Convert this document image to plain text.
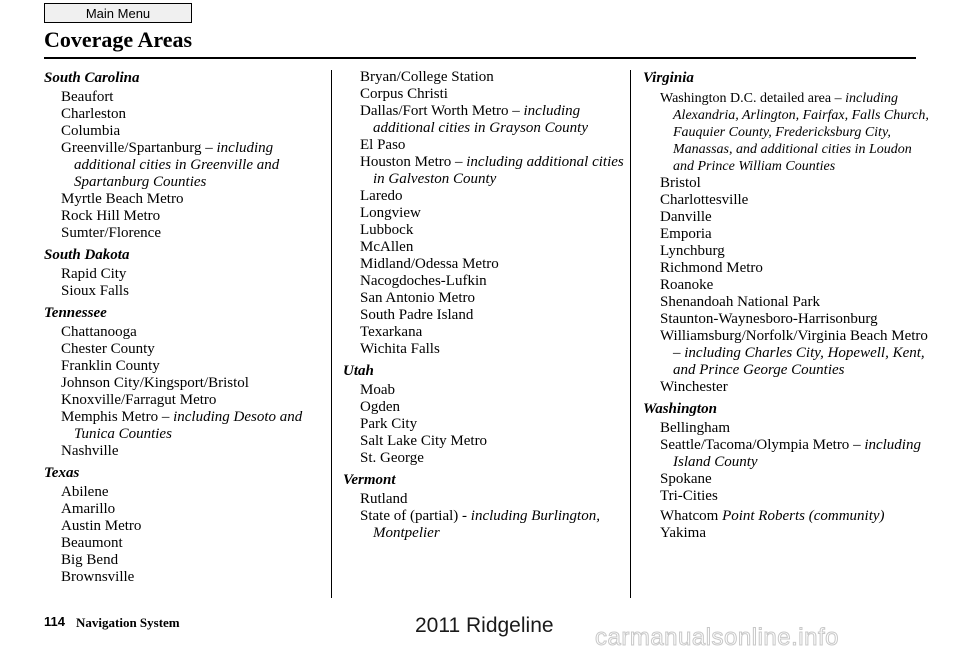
Main Menu
Coverage Areas
South Carolina
Beaufort
Charleston
Columbia
Greenville/Spartanburg – including additional cities in Greenville and Spartanburg Counties
Myrtle Beach Metro
Rock Hill Metro
Sumter/Florence
South Dakota
Rapid City
Sioux Falls
Tennessee
Chattanooga
Chester County
Franklin County
Johnson City/Kingsport/Bristol
Knoxville/Farragut Metro
Memphis Metro – including Desoto and Tunica Counties
Nashville
Texas
Abilene
Amarillo
Austin Metro
Beaumont
Big Bend
Brownsville
Bryan/College Station
Corpus Christi
Dallas/Fort Worth Metro – including additional cities in Grayson County
El Paso
Houston Metro – including additional cities in Galveston County
Laredo
Longview
Lubbock
McAllen
Midland/Odessa Metro
Nacogdoches-Lufkin
San Antonio Metro
South Padre Island
Texarkana
Wichita Falls
Utah
Moab
Ogden
Park City
Salt Lake City Metro
St. George
Vermont
Rutland
State of (partial) - including Burlington, Montpelier
Virginia
Washington D.C. detailed area – including Alexandria, Arlington, Fairfax, Falls Church, Fauquier County, Fredericksburg City, Manassas, and additional cities in Loudon and Prince William Counties
Bristol
Charlottesville
Danville
Emporia
Lynchburg
Richmond Metro
Roanoke
Shenandoah National Park
Staunton-Waynesboro-Harrisonburg
Williamsburg/Norfolk/Virginia Beach Metro – including Charles City, Hopewell, Kent, and Prince George Counties
Winchester
Washington
Bellingham
Seattle/Tacoma/Olympia Metro – including Island County
Spokane
Tri-Cities
Whatcom Point Roberts (community)
Yakima
114 Navigation System	2011 Ridgeline carmanualsonline.info
